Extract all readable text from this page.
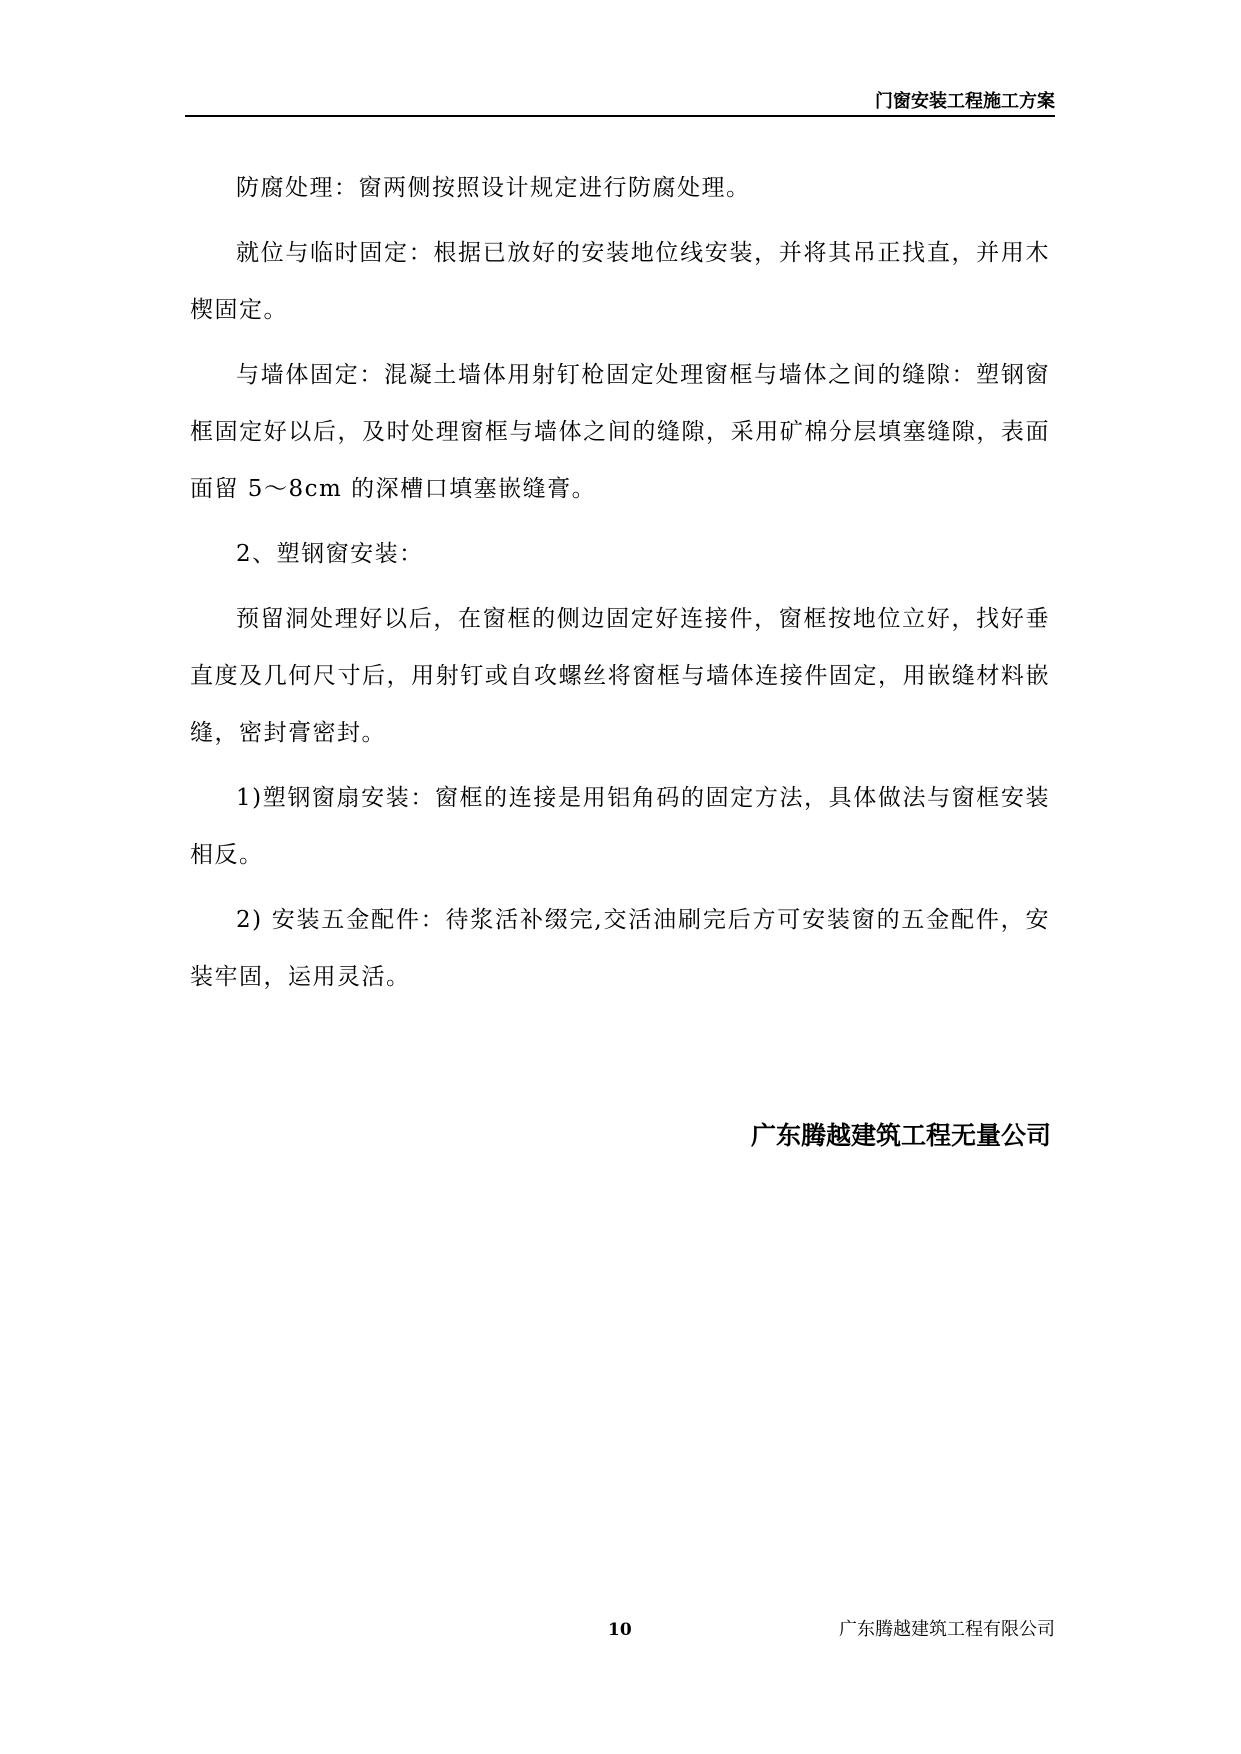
门窗安装工程施工方案

防腐处理：窗两侧按照设计规定进行防腐处理。

就位与临时固定：根据已放好的安装地位线安装，并将其吊正找直，并用木楔固定。

与墙体固定：混凝土墙体用射钉枪固定处理窗框与墙体之间的缝隙：塑钢窗框固定好以后，及时处理窗框与墙体之间的缝隙，采用矿棉分层填塞缝隙，表面面留 5～8cm 的深槽口填塞嵌缝膏。

2、塑钢窗安装：

预留洞处理好以后，在窗框的侧边固定好连接件，窗框按地位立好，找好垂直度及几何尺寸后，用射钉或自攻螺丝将窗框与墙体连接件固定，用嵌缝材料嵌缝，密封膏密封。

1)塑钢窗扇安装：窗框的连接是用铝角码的固定方法，具体做法与窗框安装相反。

2) 安装五金配件：待浆活补缀完,交活油刷完后方可安装窗的五金配件，安装牢固，运用灵活。

广东腾越建筑工程无量公司
10	广东腾越建筑工程有限公司
